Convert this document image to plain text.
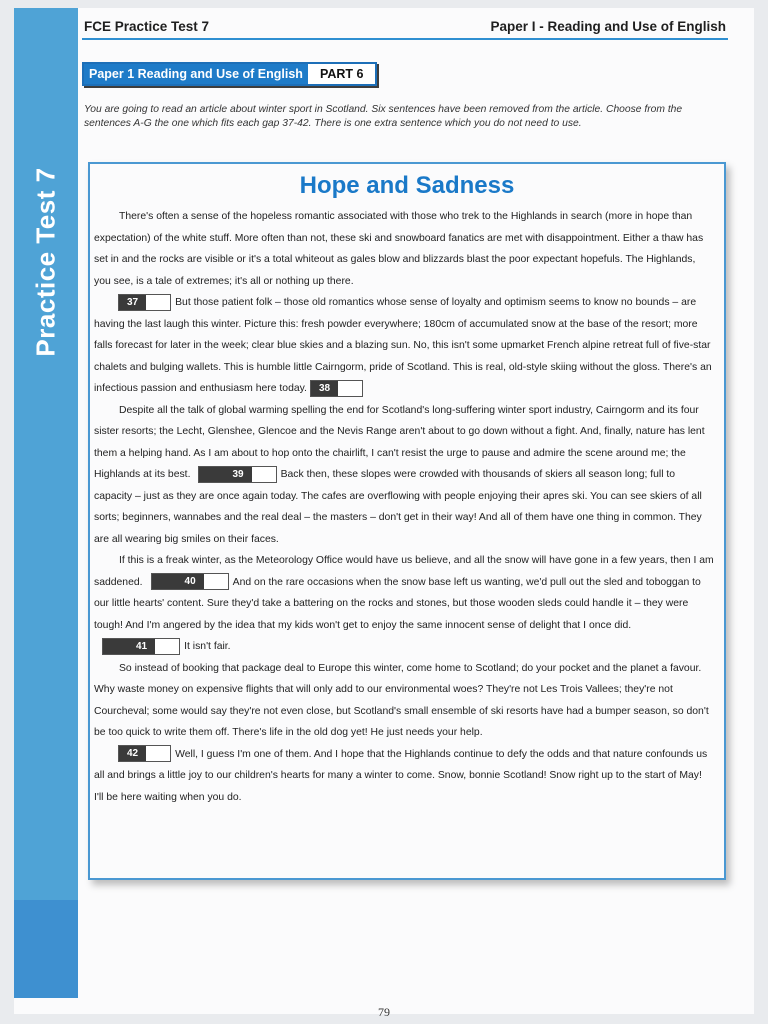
Practice Test 7
FCE Practice Test 7	Paper I - Reading and Use of English
Paper 1 Reading and Use of English	PART 6
You are going to read an article about winter sport in Scotland. Six sentences have been removed from the article. Choose from the sentences A-G the one which fits each gap 37-42. There is one extra sentence which you do not need to use.
Hope and Sadness

There's often a sense of the hopeless romantic associated with those who trek to the Highlands in search (more in hope than expectation) of the white stuff. More often than not, these ski and snowboard fanatics are met with disappointment. Either a thaw has set in and the rocks are visible or it's a total whiteout as gales blow and blizzards blast the poor expectant hopefuls. The Highlands, you see, is a tale of extremes; it's all or nothing up there.

37	But those patient folk – those old romantics whose sense of loyalty and optimism seems to know no bounds – are having the last laugh this winter. Picture this: fresh powder everywhere; 180cm of accumulated snow at the base of the resort; more falls forecast for later in the week; clear blue skies and a blazing sun. No, this isn't some upmarket French alpine retreat full of five-star chalets and bulging wallets. This is humble little Cairngorm, pride of Scotland. This is real, old-style skiing without the gloss. There's an infectious passion and enthusiasm here today.	38

Despite all the talk of global warming spelling the end for Scotland's long-suffering winter sport industry, Cairngorm and its four sister resorts; the Lecht, Glenshee, Glencoe and the Nevis Range aren't about to go down without a fight. And, finally, nature has lent them a helping hand. As I am about to hop onto the chairlift, I can't resist the urge to pause and admire the scene around me; the Highlands at its best.	39	Back then, these slopes were crowded with thousands of skiers all season long; full to capacity – just as they are once again today. The cafes are overflowing with people enjoying their apres ski. You can see skiers of all sorts; beginners, wannabes and the real deal – the masters – don't get in their way! And all of them have one thing in common. They are all wearing big smiles on their faces.

If this is a freak winter, as the Meteorology Office would have us believe, and all the snow will have gone in a few years, then I am saddened.	40	And on the rare occasions when the snow base left us wanting, we'd pull out the sled and toboggan to our little hearts' content. Sure they'd take a battering on the rocks and stones, but those wooden sleds could handle it – they were tough! And I'm angered by the idea that my kids won't get to enjoy the same innocent sense of delight that I once did.
41	It isn't fair.

So instead of booking that package deal to Europe this winter, come home to Scotland; do your pocket and the planet a favour. Why waste money on expensive flights that will only add to our environmental woes? They're not Les Trois Vallees; they're not Courcheval; some would say they're not even close, but Scotland's small ensemble of ski resorts have had a bumper season, so don't be too quick to write them off. There's life in the old dog yet! He just needs your help.

42	Well, I guess I'm one of them. And I hope that the Highlands continue to defy the odds and that nature confounds us all and brings a little joy to our children's hearts for many a winter to come. Snow, bonnie Scotland! Snow right up to the start of May! I'll be here waiting when you do.

79
